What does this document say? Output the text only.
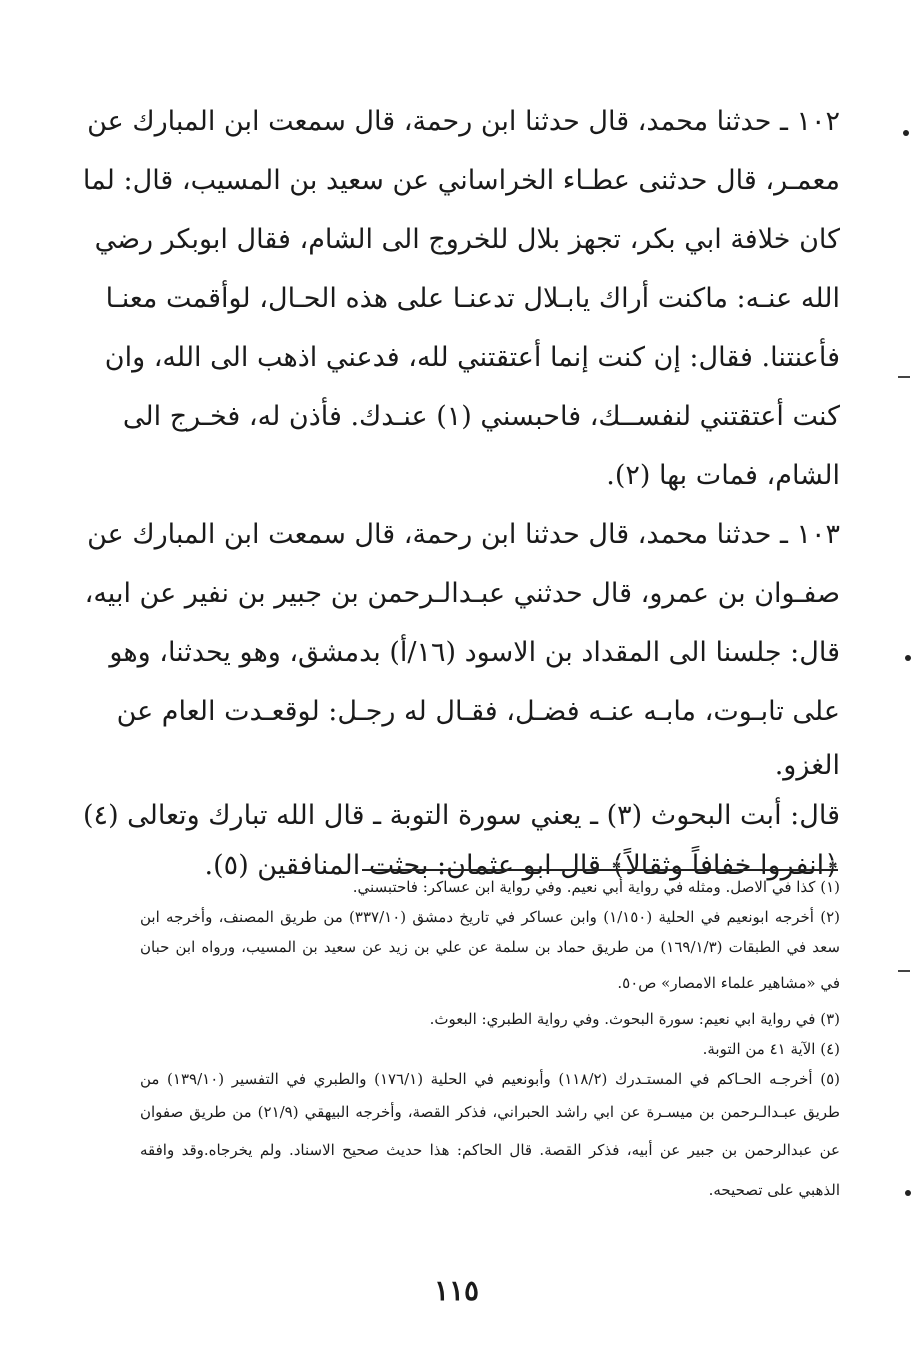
١٠٢ ـ حدثنا محمد، قال حدثنا ابن رحمة، قال سمعت ابن المبارك عن
معمـر، قال حدثنى عطـاء الخراساني عن سعيد بن المسيب، قال: لما
كان خلافة ابي بكر، تجهز بلال للخروج الى الشام، فقال ابوبكر رضي
الله عنـه: ماكنت أراك يابـلال تدعنـا على هذه الحـال، لوأقمت معنـا
فأعنتنا. فقال: إن كنت إنما أعتقتني لله، فدعني اذهب الى الله، وان
كنت أعتقتني لنفســك، فاحبسني (١) عنـدك. فأذن له، فخـرج الى
الشام، فمات بها (٢).
١٠٣ ـ حدثنا محمد، قال حدثنا ابن رحمة، قال سمعت ابن المبارك عن
صفـوان بن عمرو، قال حدثني عبـدالـرحمن بن جبير بن نفير عن ابيه،
قال: جلسنا الى المقداد بن الاسود (١٦/أ) بدمشق، وهو يحدثنا، وهو
على تابـوت، مابـه عنـه فضـل، فقـال له رجـل: لوقعـدت العام عن
الغزو.
قال: أبت البحوث (٣) ـ يعني سورة التوبة ـ قال الله تبارك وتعالى (٤)
﴿انفروا خفافاً وثقالاً﴾ قال ابو عثمان: بحثت المنافقين (٥).
(١) كذا في الاصل. ومثله في رواية أبي نعيم. وفي رواية ابن عساكر: فاحتبسني.
(٢) أخرجه ابونعيم في الحلية (١/١٥٠) وابن عساكر في تاريخ دمشق (٣٣٧/١٠) من طريق المصنف، وأخرجه ابن
سعد في الطبقات (١٦٩/١/٣) من طريق حماد بن سلمة عن علي بن زيد عن سعيد بن المسيب، ورواه ابن حبان
في «مشاهير علماء الامصار» ص٥٠.
(٣) في رواية ابي نعيم: سورة البحوث. وفي رواية الطبري: البعوث.
(٤) الآية ٤١ من التوبة.
(٥) أخرجـه الحـاكم في المستـدرك (١١٨/٢) وأبونعيم في الحلية (١٧٦/١) والطبري في التفسير (١٣٩/١٠) من
طريق عبـدالـرحمن بن ميسـرة عن ابي راشد الحبراني، فذكر القصة، وأخرجه البيهقي (٢١/٩) من طريق صفوان
عن عبدالرحمن بن جبير عن أبيه، فذكر القصة. قال الحاكم: هذا حديث صحيح الاسناد. ولم يخرجاه.وقد وافقه
الذهبي على تصحيحه.
١١٥
